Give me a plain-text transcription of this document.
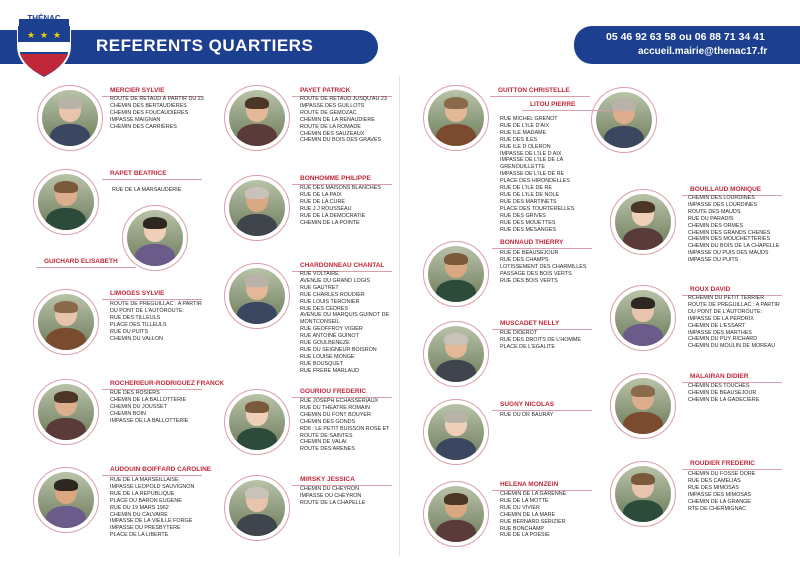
★ ★ ★
THÉNAC
REFERENTS QUARTIERS	05 46 92 63 58 ou 06 88 71 34 41
accueil.mairie@thenac17.fr
MERCIER SYLVIE
ROUTE DE RETAUD À PARTIR DU 23
CHEMIN DES BERTAUDIÈRES
CHEMIN DES FOUCAUDIÈRES
IMPASSE MAIGNAN
CHEMIN DES CARRIÈRES
PAYET PATRICK
ROUTE DE RETAUD JUSQU'AU 23
IMPASSE DES GUILLOTS
ROUTE DE GEMOZAC
CHEMIN DE LA RENAUDIERE
ROUTE DE LA ROMADE
CHEMIN DES SAUZEAUX
CHEMIN DU BOIS DES GRAVES
RAPET BEATRICE
RUE DE LA MARSAUDERIE
GUICHARD ELISABETH
BONHOMME PHILIPPE
RUE DES MAISONS BLANCHES
RUE DE LA PAIX
RUE DE LA CURE
RUE J.J ROUSSEAU
RUE DE LA DEMOCRATIE
CHEMIN DE LA POINTE
LIMOGES SYLVIE
ROUTE DE PREGUILLAC : A PARTIR
DU PONT DE L'AUTOROUTE:
RUE DES TILLEULS
PLACE DES TILLEULS
RUE DU PUITS
CHEMIN DU VALLON
CHARDONNEAU CHANTAL
RUE VOLTAIRE
AVENUE DU GRAND LOGIS
RUE GAUTRET
RUE CHARLES ROUDIER
RUE LOUIS TERCINIER
RUE DES CEDRES
AVENUE DU MARQUIS GUINOT DE
MONTCONSEIL
RUE GEOFFROY VIGIER
RUE ANTOINE GUINOT
RUE GOULBENEZE
RUE DU SEIGNEUR BOISRON
RUE LOUISE MONGE
RUE BOUSQUET
RUE FRERE MARLAUD
ROCHERIEUR-RODRIGUEZ FRANCK
RUE DES ROSIERS
CHEMIN DE LA BALLOTTERIE
CHEMIN DU JOUSSET
CHEMIN BOIN
IMPASSE DE LA BALLOTTERIE
GOURIOU FREDERIC
RUE JOSEPH ECHASSERIAUX
RUE DU THEATRE ROMAIN
CHEMIN DU FONT BOUYER
CHEMIN DES GONDS
RD6 : LE PETIT BUISSON ROSE ET
ROUTE DE SAINTES
CHEMIN DE VALAI
ROUTE DES ARENES
AUDOUIN BOIFFARD CAROLINE
RUE DE LA MARSEILLAISE
IMPASSE LEOPOLD SAUVIGNON
RUE DE LA REPUBLIQUE
PLACE DU BARON EUGENE
RUE DU 19 MARS 1962
CHEMIN DU CALVAIRE
IMPASSE DE LA VIEILLE FORGE
IMPASSE DU PRESBYTERE
PLACE DE LA LIBERTE
MIRSKY JESSICA
CHEMIN DU CHEYRON
IMPASSE DU CHEYRON
ROUTE DE LA CHAPELLE
GUITTON CHRISTELLE
LITOU PIERRE
RUE MICHEL GRENOT
RUE DE L'ILE D'AIX
RUE ILE MADAME
RUE DES ILES
RUE ILE D OLERON
IMPASSE DE L'ILE D AIX
IMPASSE DE L'ILE DE LA
GRENOUILLETTE
IMPASSE DE L'ILE DE RE
PLACE DES HIRONDELLES
RUE DE L'ILE DE RE
RUE DE L'ILE DE NOLE
RUE DES MARTINETS
PLACE DES TOURTERELLES
RUE DES GRIVES
RUE DES MOUETTES
RUE DES MESANGES
BOUILLAUD MONIQUE
CHEMIN DES LOURDINES
IMPASSE DES LOURDINES
ROUTE DES MAUDS
RUE DU PARADIS
CHEMIN DES ORMES
CHEMIN DES GRANDS CHENES
CHEMIN DES MOUCHETTERIES
CHEMIN DU BOIS DE LA CHAPELLE
IMPASSE DU PUIS DES MAUDS
IMPASSE DU PUITS
BONNAUD THIERRY
RUE DE BEAUSEJOUR
RUE DES CHAMPS
LOTISSEMENT DES CHARMILLES
PASSAGE DES BOIS VERTS
RUE DES BOIS VERTS
ROUX DAVID
RCHEMIN DU PETIT TERRIER
ROUTE DE PREGUILLAC : A PARTIR
DU PONT DE L'AUTOROUTE:
IMPASSE DE LA PERDRIX
CHEMIN DE L'ESSART
IMPASSE DES MARTHES
CHEMIN DU PUY RICHARD
CHEMIN DU MOULIN DE MOREAU
MUSCADET NELLY
RUE DIDEROT
RUE DES DROITS DE L'HOMME
PLACE DE L'EGALITE
MALAIRAN DIDIER
CHEMIN DES TOUCHES
CHEMIN DE BEAUSEJOUR
CHEMIN DE LA GADECIERE
SUGNY NICOLAS
RUE DU DR BAURAY
HELENA MONZEIN
CHEMIN DE LA GARENNE
RUE DE LA MOTTE
RUE DU VIVIER
CHEMIN DE LA MARE
RUE BERNARD SERIZIER
RUE BONCHAMP
RUE DE LA POESIE
ROUDIER FREDERIC
CHEMIN DU FOSSE DORE
RUE DES CAMELIAS
RUE DES MIMOSAS
IMPASSE DES MIMOSAS
CHEMIN DE LA GRANGE
RTE DE CHERMIGNAC
